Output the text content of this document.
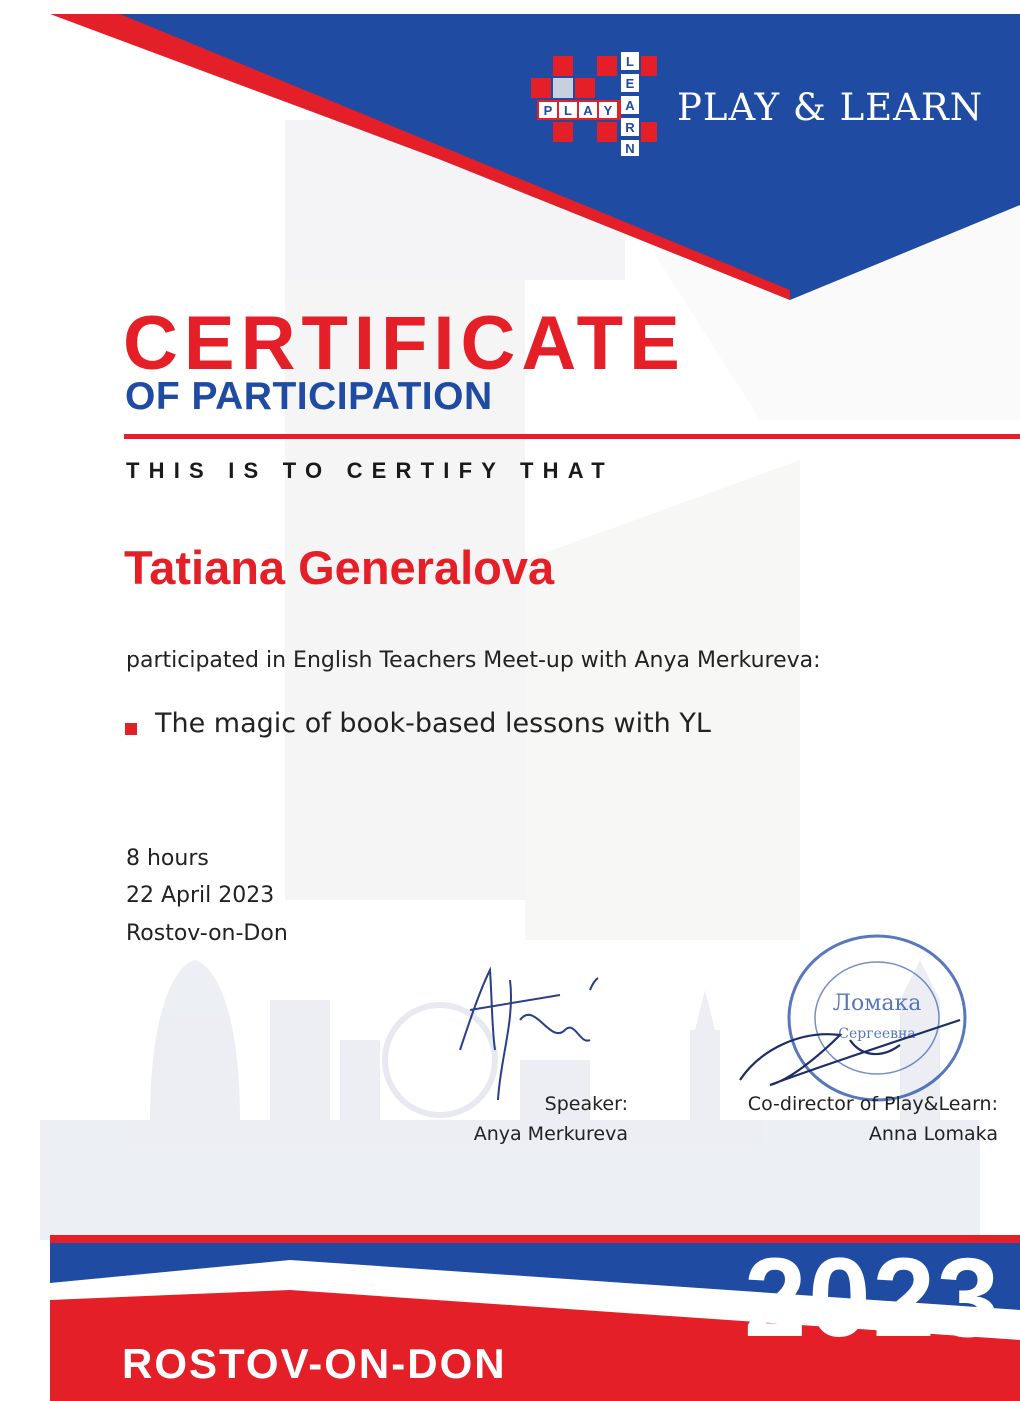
P L A Y
L
E
A
R
N

PLAY & LEARN

CERTIFICATE
OF PARTICIPATION

THIS IS TO CERTIFY THAT

Tatiana Generalova

participated in English Teachers Meet-up with Anya Merkureva:

The magic of book-based lessons with YL

8 hours

22 April 2023

Rostov-on-Don

Ломака
Сергеевна

Speaker:

Anya Merkureva

Co-director of Play&Learn:

Anna Lomaka

2023

ROSTOV-ON-DON
